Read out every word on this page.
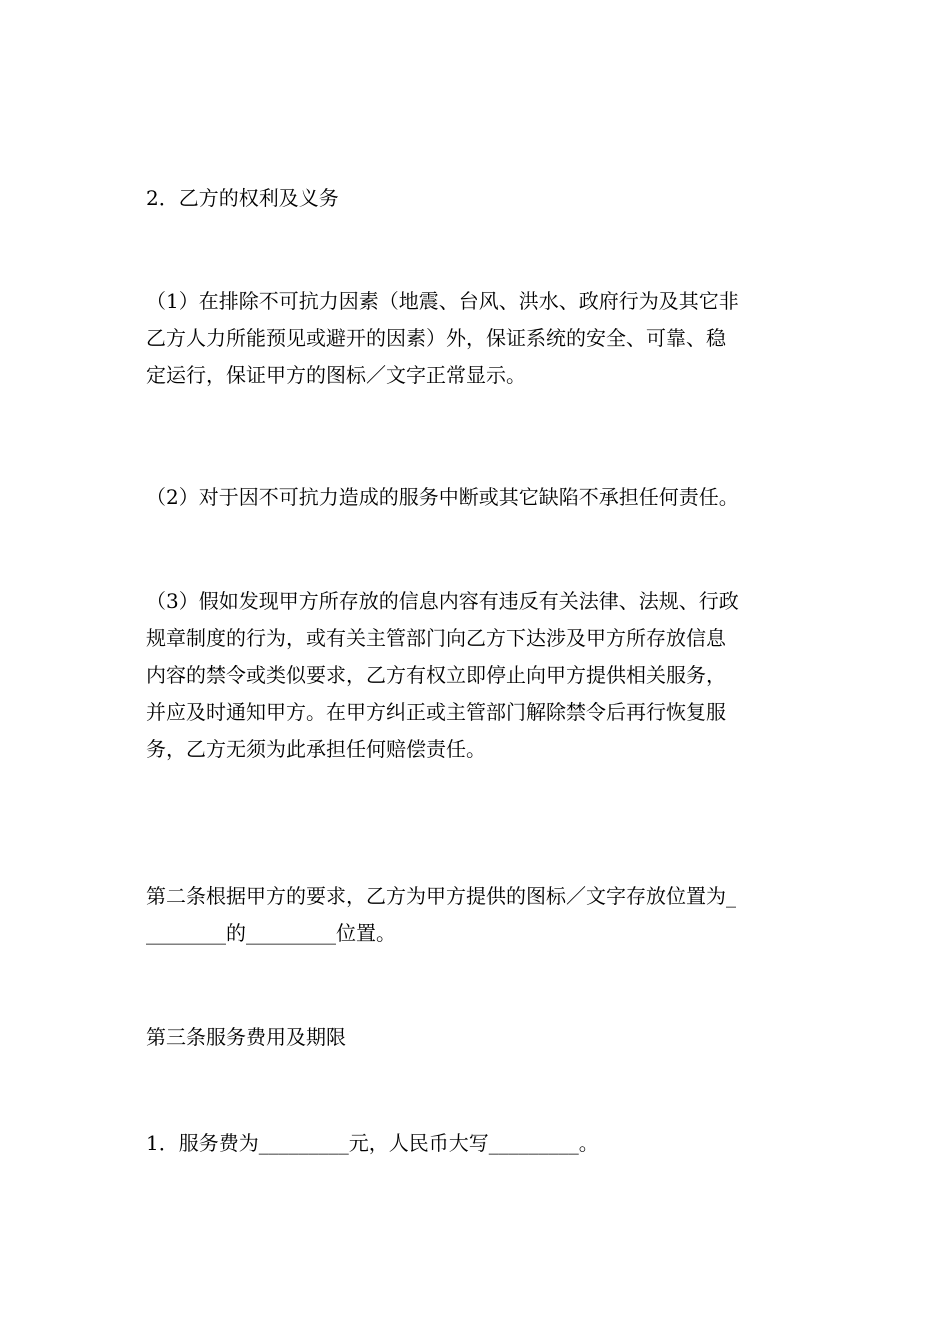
2．乙方的权利及义务

（1）在排除不可抗力因素（地震、台风、洪水、政府行为及其它非
乙方人力所能预见或避开的因素）外，保证系统的安全、可靠、稳
定运行，保证甲方的图标／文字正常显示。

（2）对于因不可抗力造成的服务中断或其它缺陷不承担任何责任。

（3）假如发现甲方所存放的信息内容有违反有关法律、法规、行政
规章制度的行为，或有关主管部门向乙方下达涉及甲方所存放信息
内容的禁令或类似要求，乙方有权立即停止向甲方提供相关服务，
并应及时通知甲方。在甲方纠正或主管部门解除禁令后再行恢复服
务，乙方无须为此承担任何赔偿责任。

第二条根据甲方的要求，乙方为甲方提供的图标／文字存放位置为_
________的_________位置。

第三条服务费用及期限

1．服务费为_________元，人民币大写_________。
